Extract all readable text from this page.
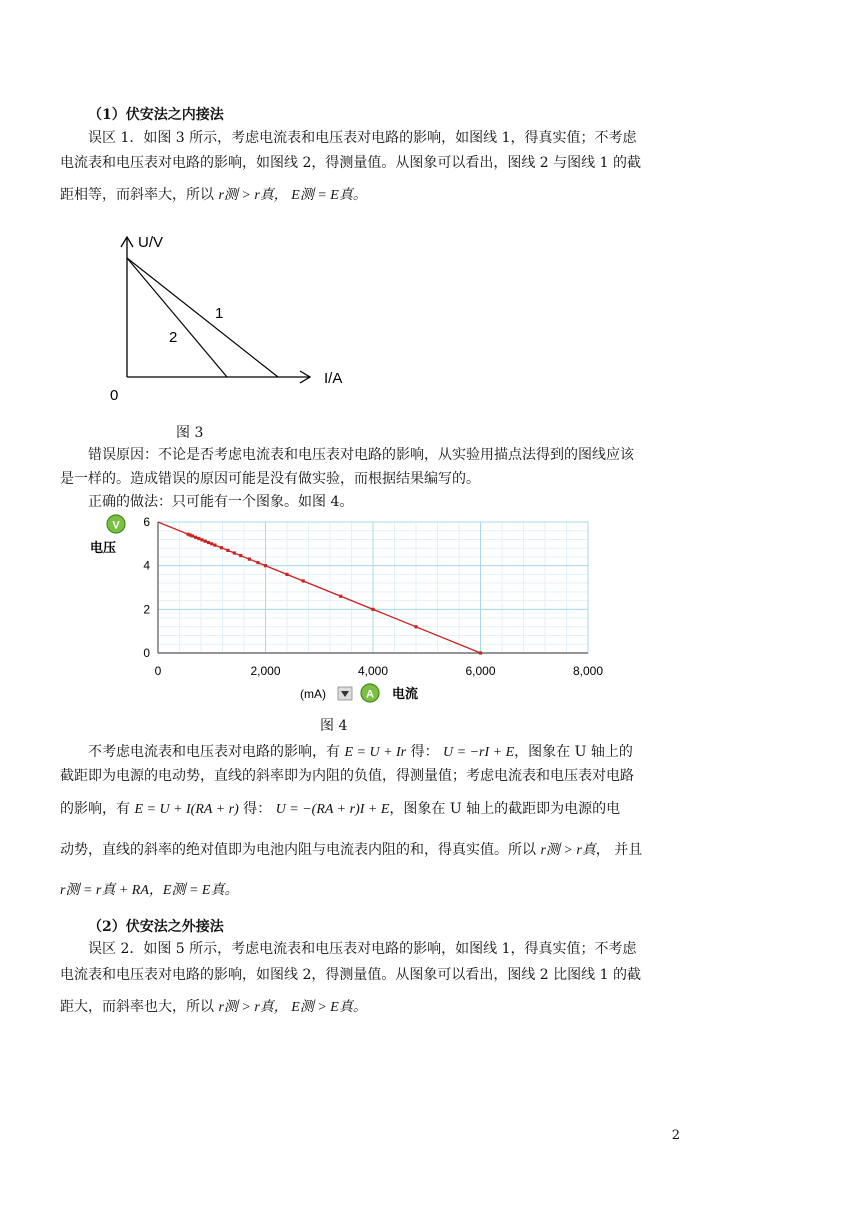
（1）伏安法之内接法
误区 1．如图 3 所示，考虑电流表和电压表对电路的影响，如图线 1，得真实值；不考虑
电流表和电压表对电路的影响，如图线 2，得测量值。从图象可以看出，图线 2 与图线 1 的截
距相等，而斜率大，所以 r测 > r真， E测 = E真。
U/V
I/A
0
1
2
图 3
错误原因：不论是否考虑电流表和电压表对电路的影响，从实验用描点法得到的图线应该
是一样的。造成错误的原因可能是没有做实验，而根据结果编写的。
正确的做法：只可能有一个图象。如图 4。
0	2,000	4,000	6,000	8,000
0
2
4
6
V
电压
(mA)	A 电流
图 4
不考虑电流表和电压表对电路的影响，有 E = U + Ir 得： U = −rI + E，图象在 U 轴上的
截距即为电源的电动势，直线的斜率即为内阻的负值，得测量值；考虑电流表和电压表对电路
的影响，有 E = U + I(RA + r) 得： U = −(RA + r)I + E，图象在 U 轴上的截距即为电源的电
动势，直线的斜率的绝对值即为电池内阻与电流表内阻的和，得真实值。所以 r测 > r真， 并且
r测 = r真 + RA，E测 = E真。
（2）伏安法之外接法
误区 2．如图 5 所示，考虑电流表和电压表对电路的影响，如图线 1，得真实值；不考虑
电流表和电压表对电路的影响，如图线 2，得测量值。从图象可以看出，图线 2 比图线 1 的截
距大，而斜率也大，所以 r测 > r真， E测 > E真。
2
